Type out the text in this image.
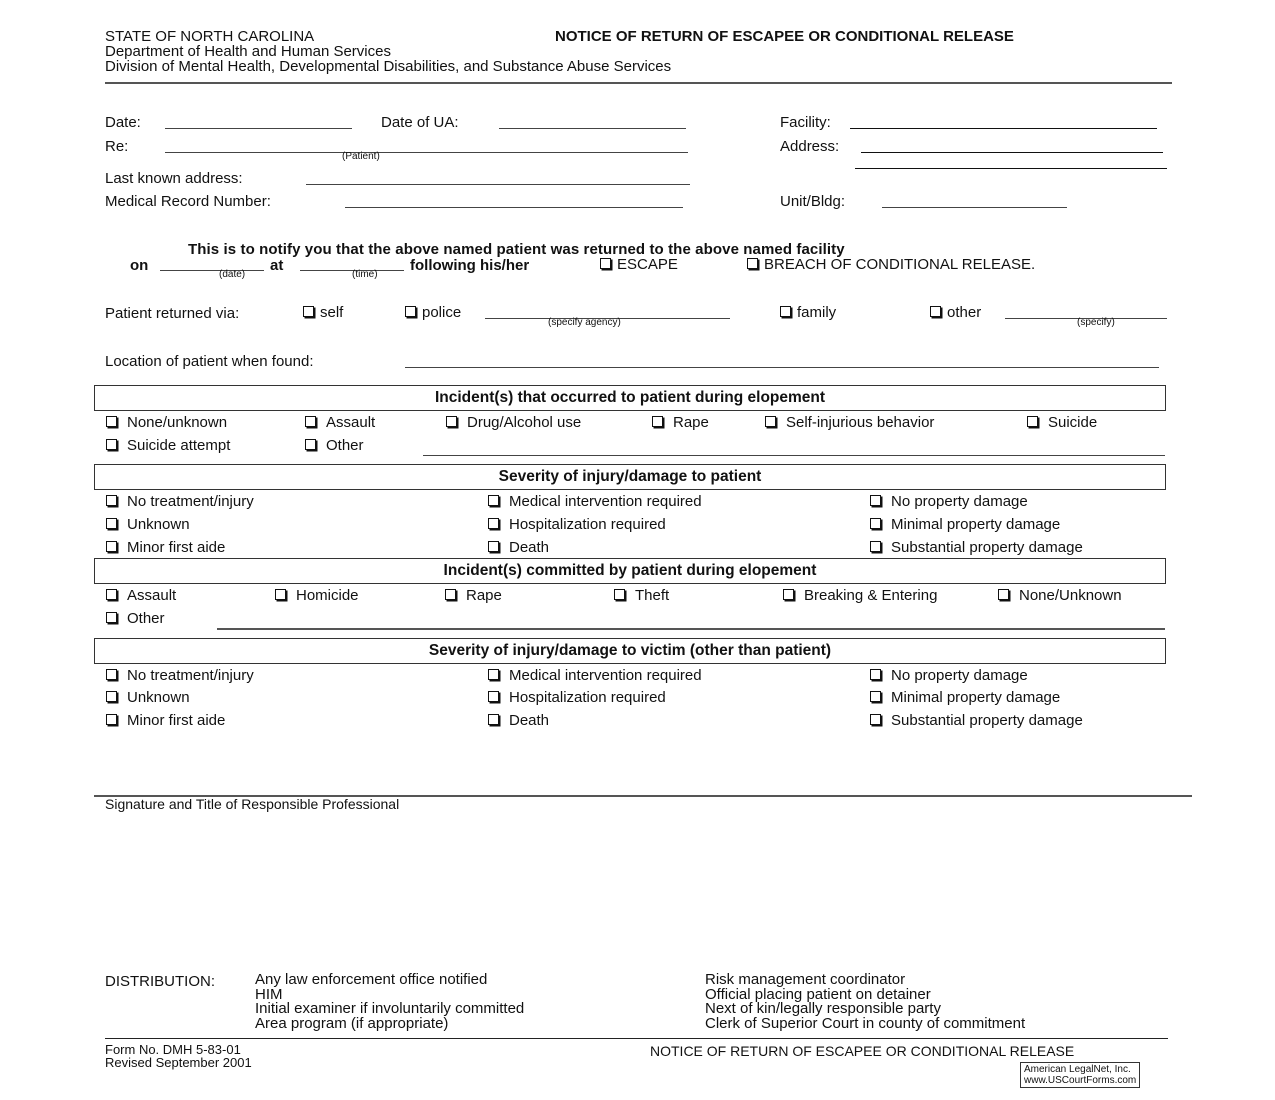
STATE OF NORTH CAROLINA
Department of Health and Human Services
Division of Mental Health, Developmental Disabilities, and Substance Abuse Services
NOTICE OF RETURN OF ESCAPEE OR CONDITIONAL RELEASE
Date:	Date of UA:
Re:
(Patient)
Last known address:
Medical Record Number:
Facility:
Address:
Unit/Bldg:
This is to notify you that the above named patient was returned to the above named facility
on
(date)
at
(time)
following his/her	ESCAPE	BREACH OF CONDITIONAL RELEASE.
Patient returned via:	self	police
(specify agency)
family	other
(specify)
Location of patient when found:
Incident(s) that occurred to patient during elopement
None/unknown	Assault	Drug/Alcohol use	Rape	Self-injurious behavior	Suicide
Suicide attempt	Other
Severity of injury/damage to patient
No treatment/injury	Medical intervention required	No property damage
Unknown	Hospitalization required	Minimal property damage
Minor first aide	Death	Substantial property damage
Incident(s) committed by patient during elopement
Assault	Homicide	Rape	Theft	Breaking & Entering	None/Unknown
Other
Severity of injury/damage to victim (other than patient)
No treatment/injury	Medical intervention required	No property damage
Unknown	Hospitalization required	Minimal property damage
Minor first aide	Death	Substantial property damage
Signature and Title of Responsible Professional
DISTRIBUTION:	Any law enforcement office notified
HIM
Initial examiner if involuntarily committed
Area program (if appropriate)
Risk management coordinator
Official placing patient on detainer
Next of kin/legally responsible party
Clerk of Superior Court in county of commitment
Form No. DMH 5-83-01
Revised September 2001
NOTICE OF RETURN OF ESCAPEE OR CONDITIONAL RELEASE
American LegalNet, Inc.
www.USCourtForms.com
